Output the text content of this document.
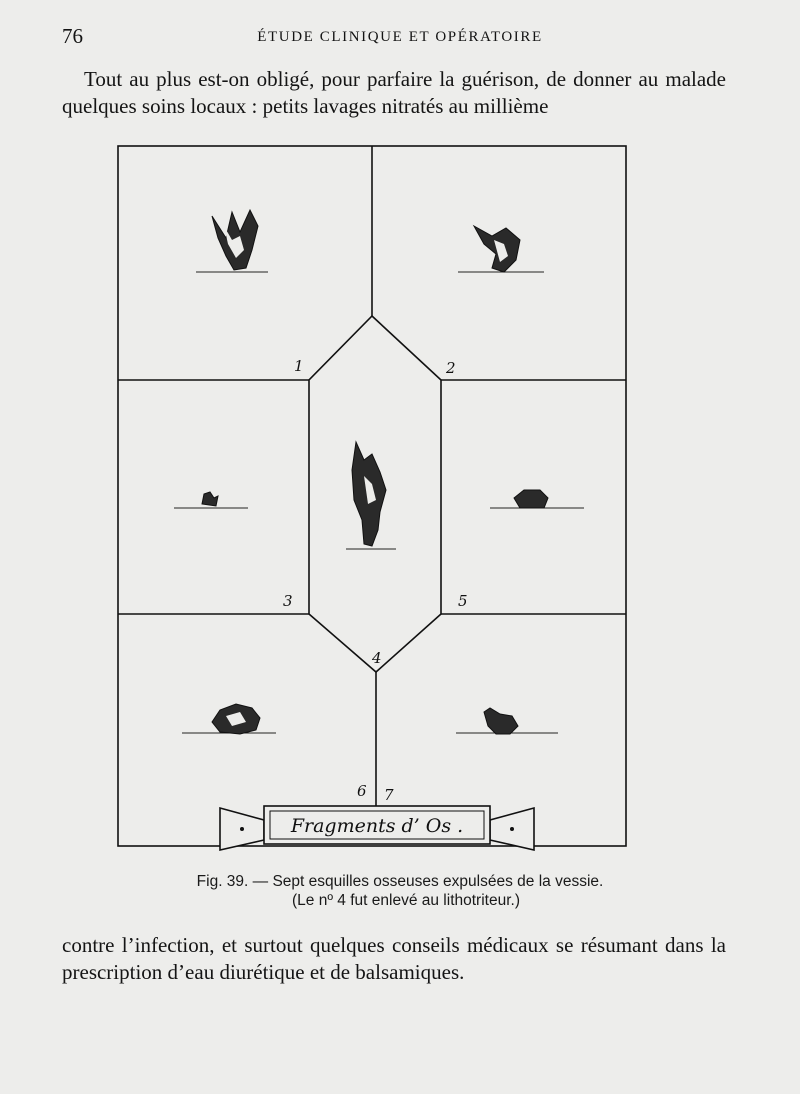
76	ÉTUDE CLINIQUE ET OPÉRATOIRE
Tout au plus est-on obligé, pour parfaire la guérison, de donner au malade quelques soins locaux : petits lavages nitratés au millième
1	2
3
4
5
6 7
Fragments d’ Os .
Fig. 39. — Sept esquilles osseuses expulsées de la vessie.

(Le nº 4 fut enlevé au lithotriteur.)
contre l’infection, et surtout quelques conseils médicaux se résumant dans la prescription d’eau diurétique et de balsamiques.
